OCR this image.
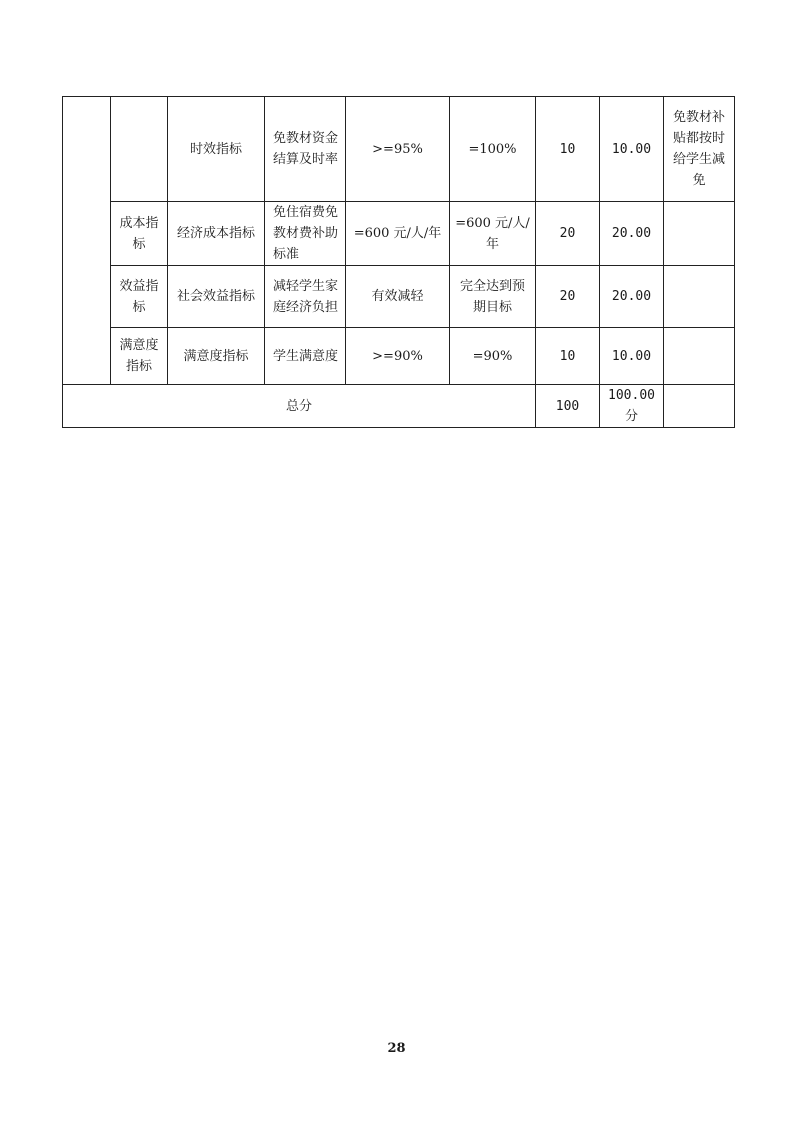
		时效指标	免教材资金结算及时率	>=95%	=100%	10	10.00	免教材补贴都按时给学生减免
	成本指标	经济成本指标	免住宿费免教材费补助标准	=600 元/人/年	=600 元/人/年	20	20.00	
	效益指标	社会效益指标	减轻学生家庭经济负担	有效减轻	完全达到预期目标	20	20.00	
	满意度指标	满意度指标	学生满意度	>=90%	=90%	10	10.00	
总分						100	100.00分	
28
